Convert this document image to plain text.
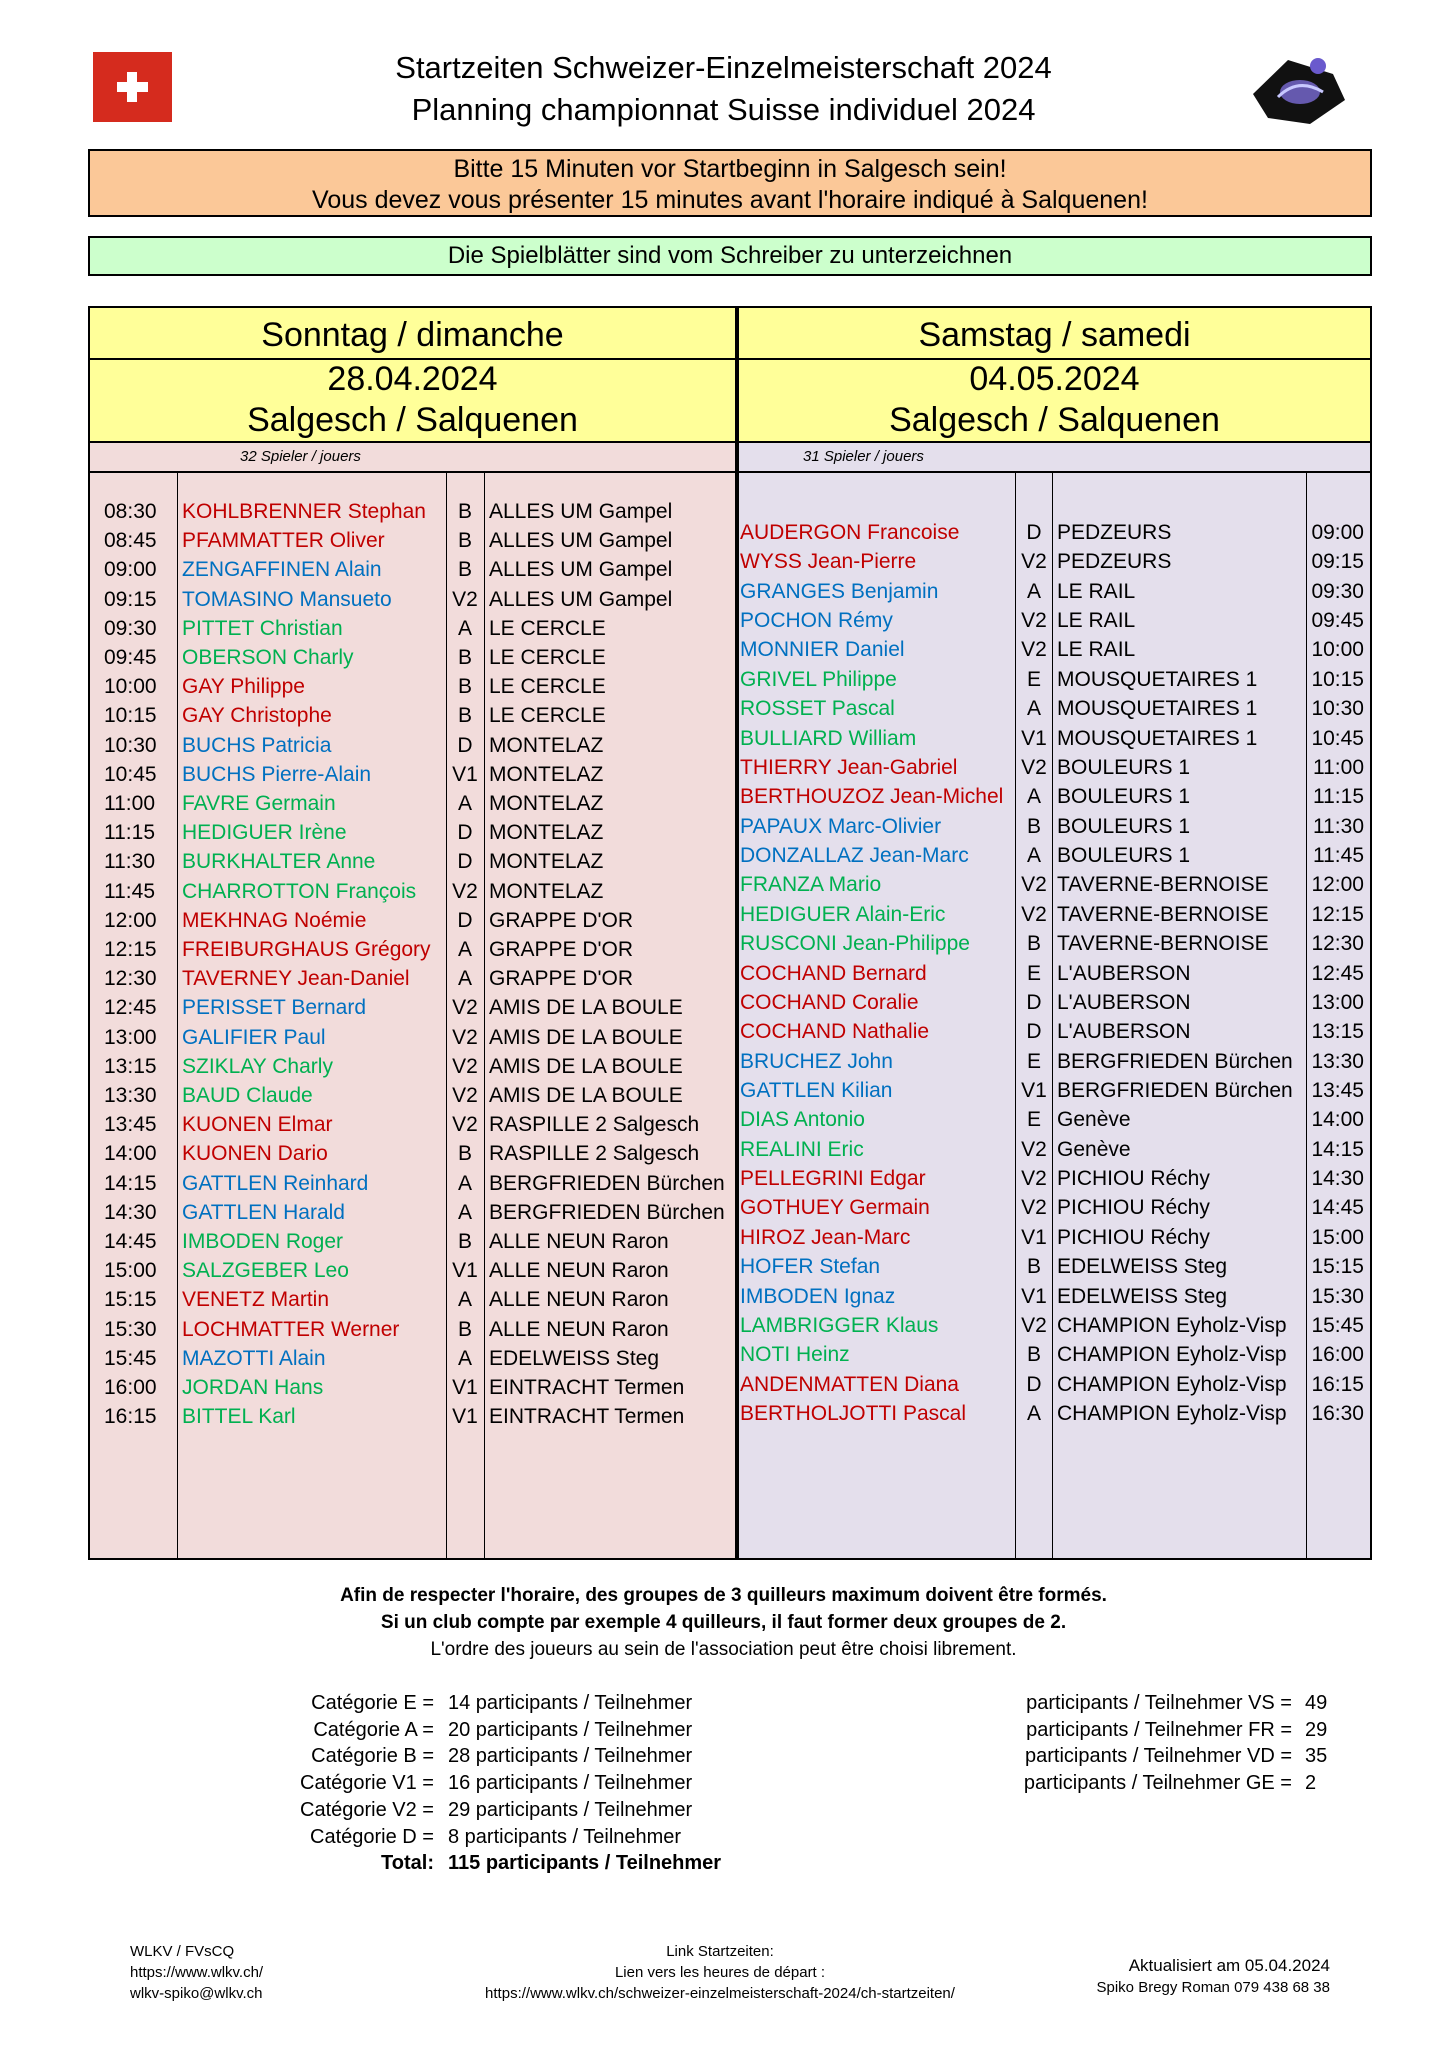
Startzeiten Schweizer-Einzelmeisterschaft 2024
Planning championnat Suisse individuel 2024
Bitte 15 Minuten vor Startbeginn in Salgesch sein!
Vous devez vous présenter 15 minutes avant l'horaire indiqué à Salquenen!
Die Spielblätter sind vom Schreiber zu unterzeichnen
Sonntag / dimanche
28.04.2024
Salgesch / Salquenen
Samstag / samedi
04.05.2024
Salgesch / Salquenen
32 Spieler / jouers	31 Spieler / jouers
08:30 KOHLBRENNER Stephan	B ALLES UM Gampel
08:45 PFAMMATTER Oliver	B ALLES UM Gampel
09:00 ZENGAFFINEN Alain	B ALLES UM Gampel
09:15 TOMASINO Mansueto	V2 ALLES UM Gampel
09:30 PITTET Christian	A LE CERCLE
09:45 OBERSON Charly	B LE CERCLE
10:00 GAY Philippe	B LE CERCLE
10:15 GAY Christophe	B LE CERCLE
10:30 BUCHS Patricia	D MONTELAZ
10:45 BUCHS Pierre-Alain	V1 MONTELAZ
11:00 FAVRE Germain	A MONTELAZ
11:15 HEDIGUER Irène	D MONTELAZ
11:30 BURKHALTER Anne	D MONTELAZ
11:45 CHARROTTON François V2 MONTELAZ
12:00 MEKHNAG Noémie	D GRAPPE D'OR
12:15 FREIBURGHAUS Grégory	A GRAPPE D'OR
12:30 TAVERNEY Jean-Daniel	A GRAPPE D'OR
12:45 PERISSET Bernard	V2 AMIS DE LA BOULE
13:00 GALIFIER Paul	V2 AMIS DE LA BOULE
13:15 SZIKLAY Charly	V2 AMIS DE LA BOULE
13:30 BAUD Claude	V2 AMIS DE LA BOULE
13:45 KUONEN Elmar	V2 RASPILLE 2 Salgesch
14:00 KUONEN Dario	B RASPILLE 2 Salgesch
14:15 GATTLEN Reinhard	A BERGFRIEDEN Bürchen
14:30 GATTLEN Harald	A BERGFRIEDEN Bürchen
14:45 IMBODEN Roger	B ALLE NEUN Raron
15:00 SALZGEBER Leo	V1 ALLE NEUN Raron
15:15 VENETZ Martin	A ALLE NEUN Raron
15:30 LOCHMATTER Werner	B ALLE NEUN Raron
15:45 MAZOTTI Alain	A EDELWEISS Steg
16:00 JORDAN Hans	V1 EINTRACHT Termen
16:15 BITTEL Karl	V1 EINTRACHT Termen
AUDERGON Francoise	D PEDZEURS	09:00
WYSS Jean-Pierre	V2 PEDZEURS	09:15
GRANGES Benjamin	A LE RAIL	09:30
POCHON Rémy	V2 LE RAIL	09:45
MONNIER Daniel	V2 LE RAIL	10:00
GRIVEL Philippe	E MOUSQUETAIRES 1	10:15
ROSSET Pascal	A MOUSQUETAIRES 1	10:30
BULLIARD William	V1 MOUSQUETAIRES 1	10:45
THIERRY Jean-Gabriel	V2 BOULEURS 1	11:00
BERTHOUZOZ Jean-Michel	A BOULEURS 1	11:15
PAPAUX Marc-Olivier	B BOULEURS 1	11:30
DONZALLAZ Jean-Marc	A BOULEURS 1	11:45
FRANZA Mario	V2 TAVERNE-BERNOISE 12:00
HEDIGUER Alain-Eric	V2 TAVERNE-BERNOISE 12:15
RUSCONI Jean-Philippe	B TAVERNE-BERNOISE 12:30
COCHAND Bernard	E L'AUBERSON	12:45
COCHAND Coralie	D L'AUBERSON	13:00
COCHAND Nathalie	D L'AUBERSON	13:15
BRUCHEZ John	E BERGFRIEDEN Bürchen 13:30
GATTLEN Kilian	V1 BERGFRIEDEN Bürchen 13:45
DIAS Antonio	E Genève	14:00
REALINI Eric	V2 Genève	14:15
PELLEGRINI Edgar	V2 PICHIOU Réchy	14:30
GOTHUEY Germain	V2 PICHIOU Réchy	14:45
HIROZ Jean-Marc	V1 PICHIOU Réchy	15:00
HOFER Stefan	B EDELWEISS Steg	15:15
IMBODEN Ignaz	V1 EDELWEISS Steg	15:30
LAMBRIGGER Klaus	V2 CHAMPION Eyholz-Visp 15:45
NOTI Heinz	B CHAMPION Eyholz-Visp 16:00
ANDENMATTEN Diana	D CHAMPION Eyholz-Visp 16:15
BERTHOLJOTTI Pascal	A CHAMPION Eyholz-Visp 16:30
Afin de respecter l'horaire, des groupes de 3 quilleurs maximum doivent être formés.
Si un club compte par exemple 4 quilleurs, il faut former deux groupes de 2.
L'ordre des joueurs au sein de l'association peut être choisi librement.
Catégorie E = 14 participants / Teilnehmer
Catégorie A = 20 participants / Teilnehmer
Catégorie B = 28 participants / Teilnehmer
Catégorie V1 = 16 participants / Teilnehmer
Catégorie V2 = 29 participants / Teilnehmer
Catégorie D = 8 participants / Teilnehmer
Total: 115 participants / Teilnehmer
participants / Teilnehmer VS = 49
participants / Teilnehmer FR = 29
participants / Teilnehmer VD = 35
participants / Teilnehmer GE = 2
WLKV / FVsCQ
https://www.wlkv.ch/
wlkv-spiko@wlkv.ch
Link Startzeiten:
Lien vers les heures de départ :
https://www.wlkv.ch/schweizer-einzelmeisterschaft-2024/ch-startzeiten/
Aktualisiert am 05.04.2024
Spiko Bregy Roman 079 438 68 38
